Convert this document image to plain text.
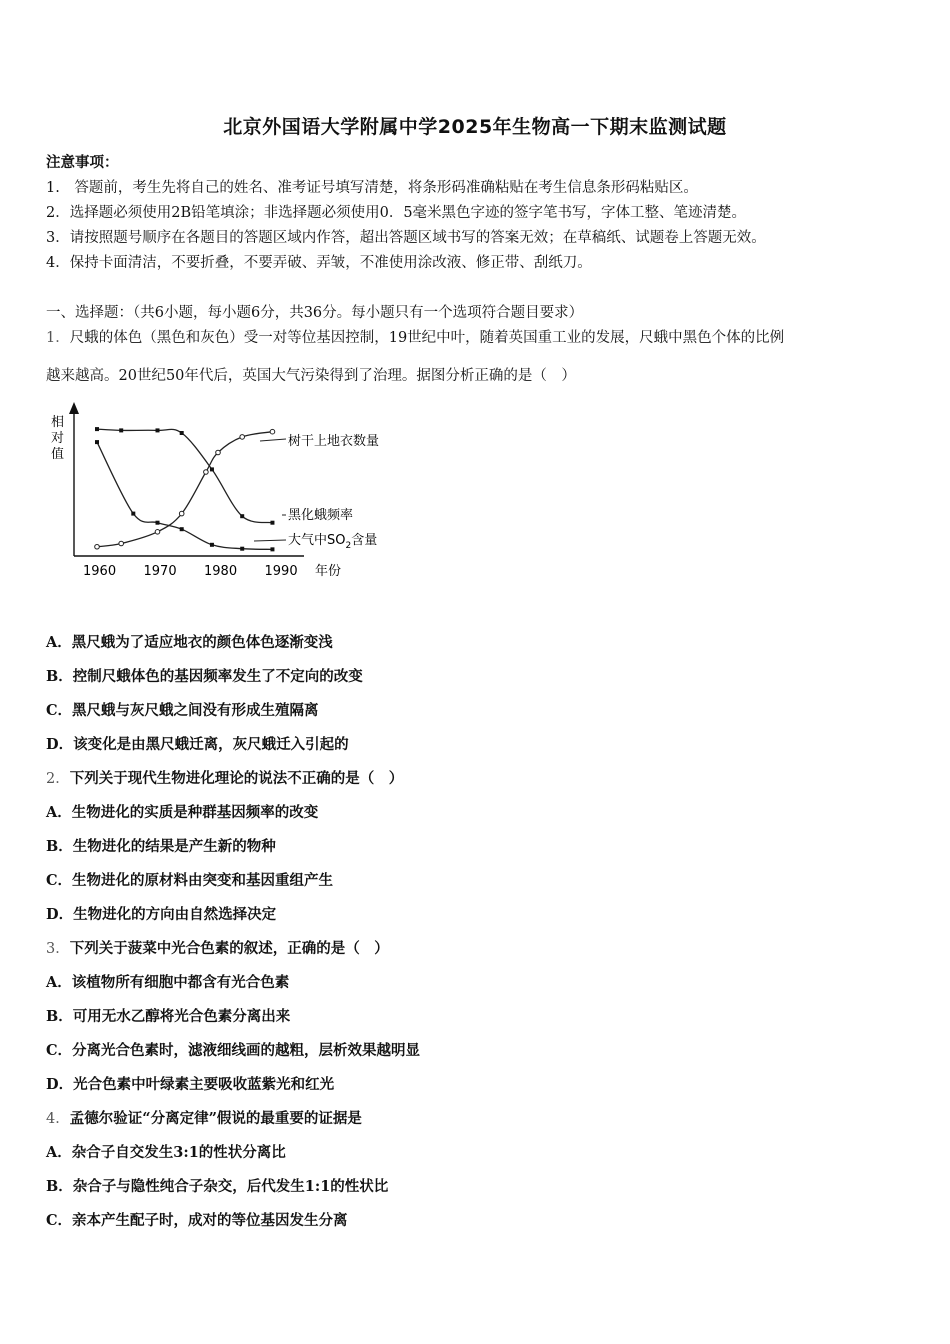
北京外国语大学附属中学2025年生物高一下期末监测试题
注意事项：
1.　答题前，考生先将自己的姓名、准考证号填写清楚，将条形码准确粘贴在考生信息条形码粘贴区。
2．选择题必须使用2B铅笔填涂；非选择题必须使用0．5毫米黑色字迹的签字笔书写，字体工整、笔迹清楚。
3．请按照题号顺序在各题目的答题区域内作答，超出答题区域书写的答案无效；在草稿纸、试题卷上答题无效。
4．保持卡面清洁，不要折叠，不要弄破、弄皱，不准使用涂改液、修正带、刮纸刀。
一、选择题：（共6小题，每小题6分，共36分。每小题只有一个选项符合题目要求）
1．尺蛾的体色（黑色和灰色）受一对等位基因控制，19世纪中叶，随着英国重工业的发展，尺蛾中黑色个体的比例
越来越高。20世纪50年代后，英国大气污染得到了治理。据图分析正确的是（　）
相
对
值
1960 1970 1980 1990 年份
树干上地衣数量
黑化蛾频率
大气中$SO_2$含量
A．黑尺蛾为了适应地衣的颜色体色逐渐变浅
B．控制尺蛾体色的基因频率发生了不定向的改变
C．黑尺蛾与灰尺蛾之间没有形成生殖隔离
D．该变化是由黑尺蛾迁离，灰尺蛾迁入引起的
2．下列关于现代生物进化理论的说法不正确的是（　）
A．生物进化的实质是种群基因频率的改变
B．生物进化的结果是产生新的物种
C．生物进化的原材料由突变和基因重组产生
D．生物进化的方向由自然选择决定
3．下列关于菠菜中光合色素的叙述，正确的是（　）
A．该植物所有细胞中都含有光合色素
B．可用无水乙醇将光合色素分离出来
C．分离光合色素时，滤液细线画的越粗，层析效果越明显
D．光合色素中叶绿素主要吸收蓝紫光和红光
4．孟德尔验证“分离定律”假说的最重要的证据是
A．杂合子自交发生3:1的性状分离比
B．杂合子与隐性纯合子杂交，后代发生1:1的性状比
C．亲本产生配子时，成对的等位基因发生分离
